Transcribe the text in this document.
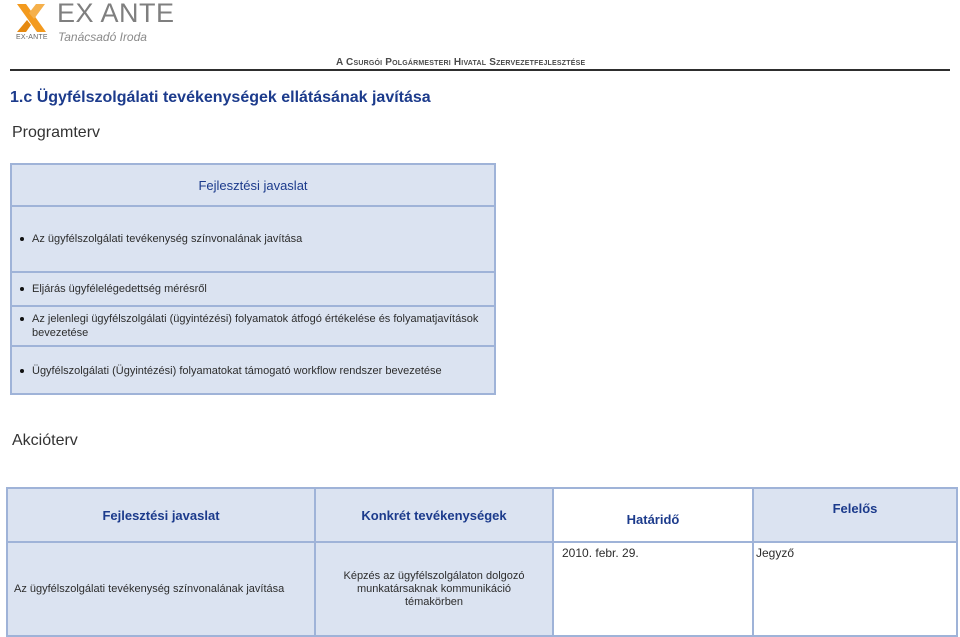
EX-ANTE
EX ANTE
Tanácsadó Iroda
A Csurgói Polgármesteri Hivatal Szervezetfejlesztése
1.c Ügyfélszolgálati tevékenységek ellátásának javítása
Programterv
Fejlesztési javaslat
Az ügyfélszolgálati tevékenység színvonalának javítása
Eljárás ügyfélelégedettség mérésről
Az jelenlegi ügyfélszolgálati (ügyintézési) folyamatok átfogó értékelése és folyamatjavítások bevezetése
Ügyfélszolgálati (Ügyintézési) folyamatokat támogató workflow rendszer bevezetése
Akcióterv
Fejlesztési javaslat	Konkrét tevékenységek	Határidő	Felelős
Az ügyfélszolgálati tevékenység színvonalának javítása	Képzés az ügyfélszolgálaton dolgozó munkatársaknak kommunikáció témakörben	2010. febr. 29.	Jegyző
